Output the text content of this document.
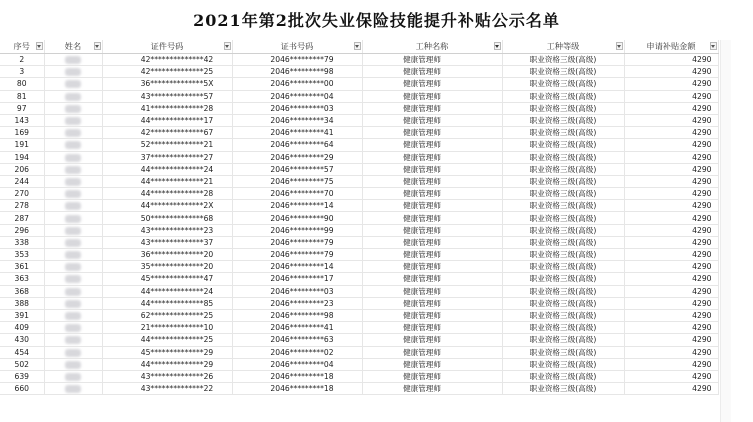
2021年第2批次失业保险技能提升补贴公示名单
序号	姓名	证件号码	证书号码	工种名称	工种等级	申请补贴金额

2		42**************42	2046*********79	健康管理师	职业资格三级(高级)	4290
3		42**************25	2046*********98	健康管理师	职业资格三级(高级)	4290
80		36**************5X	2046*********00	健康管理师	职业资格三级(高级)	4290
81		43**************57	2046*********04	健康管理师	职业资格三级(高级)	4290
97		41**************28	2046*********03	健康管理师	职业资格三级(高级)	4290
143		44**************17	2046*********34	健康管理师	职业资格三级(高级)	4290
169		42**************67	2046*********41	健康管理师	职业资格三级(高级)	4290
191		52**************21	2046*********64	健康管理师	职业资格三级(高级)	4290
194		37**************27	2046*********29	健康管理师	职业资格三级(高级)	4290
206		44**************24	2046*********57	健康管理师	职业资格三级(高级)	4290
244		44**************21	2046*********75	健康管理师	职业资格三级(高级)	4290
270		44**************28	2046*********70	健康管理师	职业资格三级(高级)	4290
278		44**************2X	2046*********14	健康管理师	职业资格三级(高级)	4290
287		50**************68	2046*********90	健康管理师	职业资格三级(高级)	4290
296		43**************23	2046*********99	健康管理师	职业资格三级(高级)	4290
338		43**************37	2046*********79	健康管理师	职业资格三级(高级)	4290
353		36**************20	2046*********79	健康管理师	职业资格三级(高级)	4290
361		35**************20	2046*********14	健康管理师	职业资格三级(高级)	4290
363		45**************47	2046*********17	健康管理师	职业资格三级(高级)	4290
368		44**************24	2046*********03	健康管理师	职业资格三级(高级)	4290
388		44**************85	2046*********23	健康管理师	职业资格三级(高级)	4290
391		62**************25	2046*********98	健康管理师	职业资格三级(高级)	4290
409		21**************10	2046*********41	健康管理师	职业资格三级(高级)	4290
430		44**************25	2046*********63	健康管理师	职业资格三级(高级)	4290
454		45**************29	2046*********02	健康管理师	职业资格三级(高级)	4290
502		44**************29	2046*********04	健康管理师	职业资格三级(高级)	4290
639		43**************26	2046*********18	健康管理师	职业资格三级(高级)	4290
660		43**************22	2046*********18	健康管理师	职业资格三级(高级)	4290
